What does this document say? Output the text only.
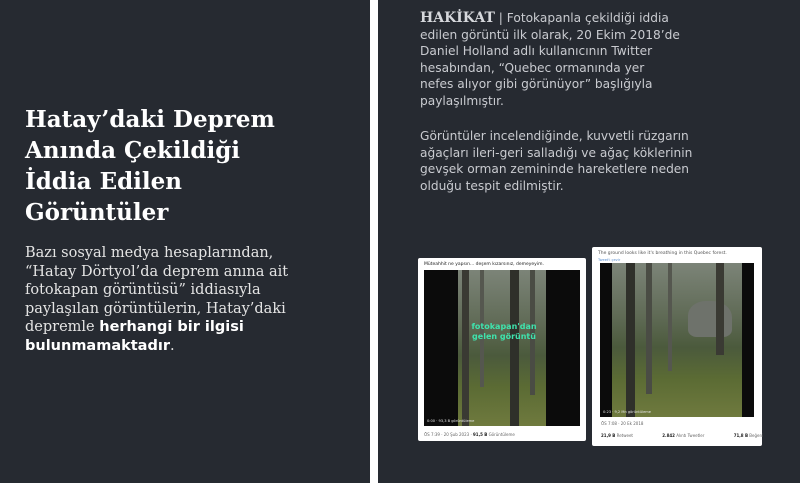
Hatay’daki Deprem
Anında Çekildiği
İddia Edilen
Görüntüler

Bazı sosyal medya hesaplarından,
“Hatay Dörtyol’da deprem anına ait
fotokapan görüntüsü” iddiasıyla
paylaşılan görüntülerin, Hatay’daki
depremle herhangi bir ilgisi
bulunmamaktadır.

HAKİKAT | Fotokapanla çekildiği iddia
edilen görüntü ilk olarak, 20 Ekim 2018’de
Daniel Holland adlı kullanıcının Twitter
hesabından, “Quebec ormanında yer
nefes alıyor gibi görünüyor” başlığıyla
paylaşılmıştır.

Görüntüler incelendiğinde, kuvvetli rüzgarın
ağaçları ileri-geri salladığı ve ağaç köklerinin
gevşek orman zemininde hareketlere neden
olduğu tespit edilmiştir.

Müteahhit ne yapsın... deşem kızarsınız, demeyeyim.
fotokapan'dan
gelen görüntü
0:00 · 93,3 B görüntüleme
ÖS 7:39 · 20 Şub 2023 · 91,5 B Görüntüleme
The ground looks like it's breathing in this Quebec forest.
Tweet'i çevir
0:23 · 9,2 Mn görüntüleme
ÖS 7:08 · 20 Ek 2018
21,9 B Retweet	2.842 Alıntı Tweetler	71,8 B Beğeni
